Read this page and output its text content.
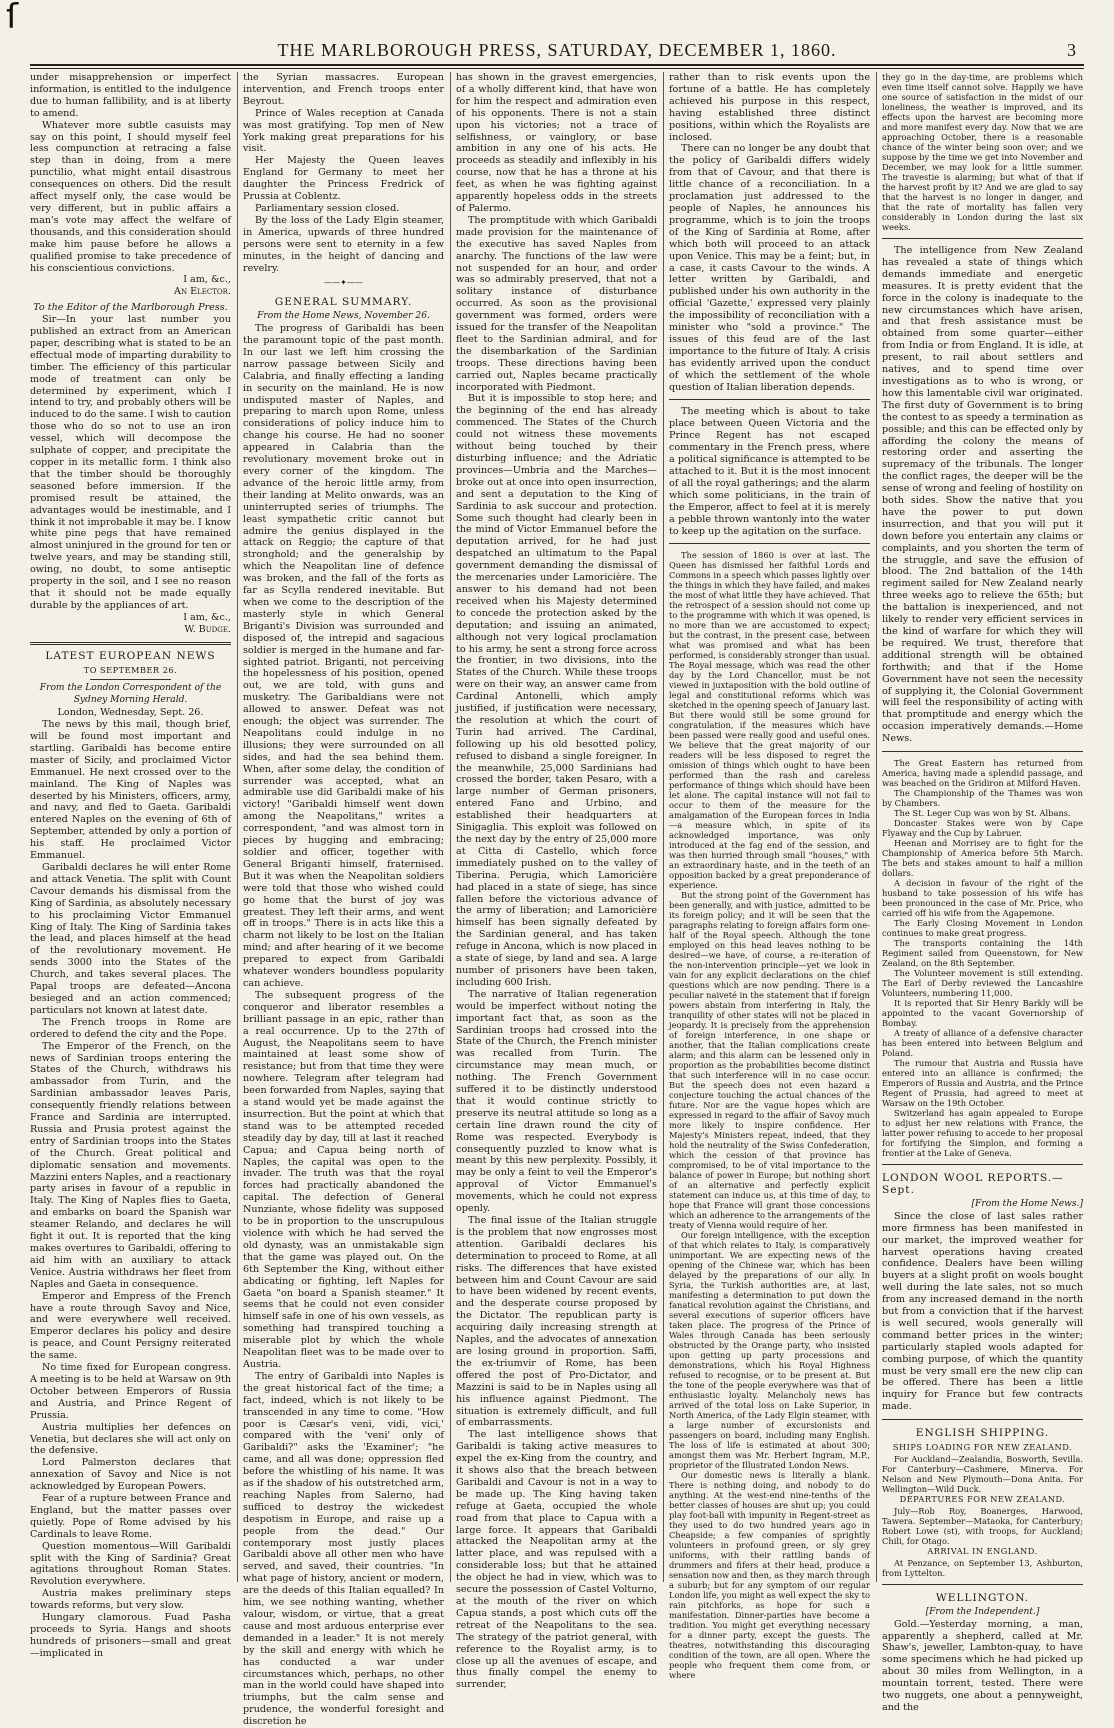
ſ
THE MARLBOROUGH PRESS, SATURDAY, DECEMBER 1, 1860.	3

under misapprehension or imperfect information, is entitled to the indulgence due to human fallibility, and is at liberty to amend.

Whatever more subtle casuists may say on this point, I should myself feel less compunction at retracing a false step than in doing, from a mere punctilio, what might entail disastrous consequences on others. Did the result affect myself only, the case would be very different, but in public affairs a man's vote may affect the welfare of thousands, and this consideration should make him pause before he allows a qualified promise to take precedence of his conscientious convictions.

I am, &c.,

An Elector.

To the Editor of the Marlborough Press.

Sir—In your last number you published an extract from an American paper, describing what is stated to be an effectual mode of imparting durability to timber. The efficiency of this particular mode of treatment can only be determined by experiment, which I intend to try, and probably others will be induced to do the same. I wish to caution those who do so not to use an iron vessel, which will decompose the sulphate of copper, and precipitate the copper in its metallic form. I think also that the timber should be thoroughly seasoned before immersion. If the promised result be attained, the advantages would be inestimable, and I think it not improbable it may be. I know white pine pegs that have remained almost uninjured in the ground for ten or twelve years, and may be standing still, owing, no doubt, to some antiseptic property in the soil, and I see no reason that it should not be made equally durable by the appliances of art.

I am, &c.,

W. Budge.

LATEST EUROPEAN NEWS
TO SEPTEMBER 26.
From the London Correspondent of the Sydney Morning Herald.

London, Wednesday, Sept. 26.

The news by this mail, though brief, will be found most important and startling. Garibaldi has become entire master of Sicily, and proclaimed Victor Emmanuel. He next crossed over to the mainland. The King of Naples was deserted by his Ministers, officers, army, and navy, and fled to Gaeta. Garibaldi entered Naples on the evening of 6th of September, attended by only a portion of his staff. He proclaimed Victor Emmanuel.

Garibaldi declares he will enter Rome and attack Venetia. The split with Count Cavour demands his dismissal from the King of Sardinia, as absolutely necessary to his proclaiming Victor Emmanuel King of Italy. The King of Sardinia takes the lead, and places himself at the head of the revolutionary movement. He sends 3000 into the States of the Church, and takes several places. The Papal troops are defeated—Ancona besieged and an action commenced; particulars not known at latest date.

The French troops in Rome are ordered to defend the city and the Pope.

The Emperor of the French, on the news of Sardinian troops entering the States of the Church, withdraws his ambassador from Turin, and the Sardinian ambassador leaves Paris, consequently friendly relations between France and Sardinia are interrupted. Russia and Prusia protest against the entry of Sardinian troops into the States of the Church. Great political and diplomatic sensation and movements. Mazzini enters Naples, and a reactionary party arises in favour of a republic in Italy. The King of Naples flies to Gaeta, and embarks on board the Spanish war steamer Relando, and declares he will fight it out. It is reported that the king makes overtures to Garibaldi, offering to aid him with an auxiliary to attack Venice. Austria withdraws her fleet from Naples and Gaeta in consequence.

Emperor and Empress of the French have a route through Savoy and Nice, and were everywhere well received. Emperor declares his policy and desire is peace, and Count Persigny reiterated the same.

No time fixed for European congress. A meeting is to be held at Warsaw on 9th October between Emperors of Russia and Austria, and Prince Regent of Prussia.

Austria multiplies her defences on Venetia, but declares she will act only on the defensive.

Lord Palmerston declares that annexation of Savoy and Nice is not acknowledged by European Powers.

Fear of a rupture between France and England, but the matter passes over quietly. Pope of Rome advised by his Cardinals to leave Rome.

Question momentous—Will Garibaldi split with the King of Sardinia? Great agitations throughout Roman States. Revolution everywhere.

Austria makes preliminary steps towards reforms, but very slow.

Hungary clamorous. Fuad Pasha proceeds to Syria. Hangs and shoots hundreds of prisoners—small and great—implicated in

the Syrian massacres. European intervention, and French troops enter Beyrout.

Prince of Wales reception at Canada was most gratifying. Top men of New York making great preparations for his visit.

Her Majesty the Queen leaves England for Germany to meet her daughter the Princess Fredrick of Prussia at Coblentz.

Parliamentary session closed.

By the loss of the Lady Elgin steamer, in America, upwards of three hundred persons were sent to eternity in a few minutes, in the height of dancing and revelry.

——✦——
GENERAL SUMMARY.
From the Home News, November 26.

The progress of Garibaldi has been the paramount topic of the past month. In our last we left him crossing the narrow passage between Sicily and Calabria, and finally effecting a landing in security on the mainland. He is now undisputed master of Naples, and preparing to march upon Rome, unless considerations of policy induce him to change his course. He had no sooner appeared in Calabria than the revolutionary movement broke out in every corner of the kingdom. The advance of the heroic little army, from their landing at Melito onwards, was an uninterrupted series of triumphs. The least sympathetic critic cannot but admire the genius displayed in the attack on Reggio; the capture of that stronghold; and the generalship by which the Neapolitan line of defence was broken, and the fall of the forts as far as Scylla rendered inevitable. But when we come to the description of the masterly style in which General Briganti's Division was surrounded and disposed of, the intrepid and sagacious soldier is merged in the humane and far-sighted patriot. Briganti, not perceiving the hopelessness of his position, opened out, we are told, with guns and musketry. The Garibaldians were not allowed to answer. Defeat was not enough; the object was surrender. The Neapolitans could indulge in no illusions; they were surrounded on all sides, and had the sea behind them. When, after some delay, the condition of surrender was accepted, what an admirable use did Garibaldi make of his victory! "Garibaldi himself went down among the Neapolitans," writes a correspondent, "and was almost torn in pieces by hugging and embracing; soldier and officer, together with General Briganti himself, fraternised. But it was when the Neapolitan soldiers were told that those who wished could go home that the burst of joy was greatest. They left their arms, and went off in troops." There is in acts like this a charm not likely to be lost on the Italian mind; and after hearing of it we become prepared to expect from Garibaldi whatever wonders boundless popularity can achieve.

The subsequent progress of the conqueror and liberator resembles a brilliant passage in an epic, rather than a real occurrence. Up to the 27th of August, the Neapolitans seem to have maintained at least some show of resistance; but from that time they were nowhere. Telegram after telegram had been forwarded from Naples, saying that a stand would yet be made against the insurrection. But the point at which that stand was to be attempted receded steadily day by day, till at last it reached Capua; and Capua being north of Naples, the capital was open to the invader. The truth was that the royal forces had practically abandoned the capital. The defection of General Nunziante, whose fidelity was supposed to be in proportion to the unscrupulous violence with which he had served the old dynasty, was an unmistakable sign that the game was played out. On the 6th September the King, without either abdicating or fighting, left Naples for Gaeta "on board a Spanish steamer." It seems that he could not even consider himself safe in one of his own vessels, as something had transpired touching a miserable plot by which the whole Neapolitan fleet was to be made over to Austria.

The entry of Garibaldi into Naples is the great historical fact of the time; a fact, indeed, which is not likely to be transcended in any time to come. "How poor is Cæsar's veni, vidi, vici,' compared with the 'veni' only of Garibaldi?" asks the 'Examiner'; "he came, and all was done; oppression fled before the whistling of his name. It was as if the shadow of his outstretched arm, reaching Naples from Salerno, had sufficed to destroy the wickedest despotism in Europe, and raise up a people from the dead." Our contemporary most justly places Garibaldi above all other men who have served, and saved, their countries. "In what page of history, ancient or modern, are the deeds of this Italian equalled? In him, we see nothing wanting, whether valour, wisdom, or virtue, that a great cause and most arduous enterprise ever demanded in a leader." It is not merely by the skill and energy with which he has conducted a war under circumstances which, perhaps, no other man in the world could have shaped into triumphs, but the calm sense and prudence, the wonderful foresight and discretion he

has shown in the gravest emergencies, of a wholly different kind, that have won for him the respect and admiration even of his opponents. There is not a stain upon his victories; not a trace of selfishness, or vainglory, or base ambition in any one of his acts. He proceeds as steadily and inflexibly in his course, now that he has a throne at his feet, as when he was fighting against apparently hopeless odds in the streets of Palermo.

The promptitude with which Garibaldi made provision for the maintenance of the executive has saved Naples from anarchy. The functions of the law were not suspended for an hour, and order was so admirably preserved, that not a solitary instance of disturbance occurred. As soon as the provisional government was formed, orders were issued for the transfer of the Neapolitan fleet to the Sardinian admiral, and for the disembarkation of the Sardinian troops. These directions having been carried out, Naples became practically incorporated with Piedmont.

But it is impossible to stop here; and the beginning of the end has already commenced. The States of the Church could not witness these movements without being touched by their disturbing influence; and the Adriatic provinces—Umbria and the Marches—broke out at once into open insurrection, and sent a deputation to the King of Sardinia to ask succour and protection. Some such thought had clearly been in the mind of Victor Emmanuel before the deputation arrived, for he had just despatched an ultimatum to the Papal government demanding the dismissal of the mercenaries under Lamoricière. The answer to his demand had not been received when his Majesty determined to concede the protection asked by the deputation; and issuing an animated, although not very logical proclamation to his army, he sent a strong force across the frontier, in two divisions, into the States of the Church. While these troops were on their way, an answer came from Cardinal Antonelli, which amply justified, if justification were necessary, the resolution at which the court of Turin had arrived. The Cardinal, following up his old besotted policy, refused to disband a single foreigner. In the meanwhile, 25,000 Sardinians had crossed the border, taken Pesaro, with a large number of German prisoners, entered Fano and Urbino, and established their headquarters at Sinigaglia. This exploit was followed on the next day by the entry of 25,000 more at Citta di Castello, which force immediately pushed on to the valley of Tiberina. Perugia, which Lamoricière had placed in a state of siege, has since fallen before the victorious advance of the army of liberation; and Lamoricière himself has been signally defeated by the Sardinian general, and has taken refuge in Ancona, which is now placed in a state of siege, by land and sea. A large number of prisoners have been taken, including 600 Irish.

The narrative of Italian regeneration would be imperfect without noting the important fact that, as soon as the Sardinian troops had crossed into the State of the Church, the French minister was recalled from Turin. The circumstance may mean much, or nothing. The French Government suffered it to be distinctly understood that it would continue strictly to preserve its neutral attitude so long as a certain line drawn round the city of Rome was respected. Everybody is consequently puzzled to know what is meant by this new perplexity. Possibly, it may be only a feint to veil the Emperor's approval of Victor Emmanuel's movements, which he could not express openly.

The final issue of the Italian struggle is the problem that now engrosses most attention. Garibaldi declares his determination to proceed to Rome, at all risks. The differences that have existed between him and Count Cavour are said to have been widened by recent events, and the desperate course proposed by the Dictator. The republican party is acquiring daily increasing strength at Naples, and the advocates of annexation are losing ground in proportion. Saffi, the ex-triumvir of Rome, has been offered the post of Pro-Dictator, and Mazzini is said to be in Naples using all his influence against Piedmont. The situation is extremely difficult, and full of embarrassments.

The last intelligence shows that Garibaldi is taking active measures to expel the ex-King from the country, and it shows also that the breach between Garibaldi and Cavour is not in a way to be made up. The King having taken refuge at Gaeta, occupied the whole road from that place to Capua with a large force. It appears that Garibaldi attacked the Neapolitan army at the latter place, and was repulsed with a considerable loss; but that he attained the object he had in view, which was to secure the possession of Castel Volturno, at the mouth of the river on which Capua stands, a post which cuts off the retreat of the Neapolitans to the sea. The strategy of the patriot general, with reference to the Royalist army, is to close up all the avenues of escape, and thus finally compel the enemy to surrender,

rather than to risk events upon the fortune of a battle. He has completely achieved his purpose in this respect, having established three distinct positions, within which the Royalists are inclosed.

There can no longer be any doubt that the policy of Garibaldi differs widely from that of Cavour, and that there is little chance of a reconciliation. In a proclamation just addressed to the people of Naples, he announces his programme, which is to join the troops of the King of Sardinia at Rome, after which both will proceed to an attack upon Venice. This may be a feint; but, in a case, it casts Cavour to the winds. A letter written by Garibaldi, and published under his own authority in the official 'Gazette,' expressed very plainly the impossibility of reconciliation with a minister who "sold a province." The issues of this feud are of the last importance to the future of Italy. A crisis has evidently arrived upon the conduct of which the settlement of the whole question of Italian liberation depends.

The meeting which is about to take place between Queen Victoria and the Prince Regent has not escaped commentary in the French press, where a political significance is attempted to be attached to it. But it is the most innocent of all the royal gatherings; and the alarm which some politicians, in the train of the Emperor, affect to feel at it is merely a pebble thrown wantonly into the water to keep up the agitation on the surface.

The session of 1860 is over at last. The Queen has dismissed her faithful Lords and Commons in a speech which passes lightly over the things in which they have failed, and makes the most of what little they have achieved. That the retrospect of a session should not come up to the programme with which it was opened, is no more than we are accustomed to expect; but the contrast, in the present case, between what was promised and what has been performed, is considerably stronger than usual. The Royal message, which was read the other day by the Lord Chancellor, must be not viewed in juxtaposition with the bold outline of legal and constitutional reforms which was sketched in the opening speech of January last. But there would still be some ground for congratulation, if the measures which have been passed were really good and useful ones. We believe that the great majority of our readers will be less disposed to regret the omission of things which ought to have been performed than the rash and careless performance of things which should have been let alone. The capital instance will not fail to occur to them of the measure for the amalgamation of the European forces in India—a measure which, in spite of its acknowledged importance, was only introduced at the fag end of the session, and was then hurried through small "houses," with an extraordinary haste, and in the teeth of an opposition backed by a great preponderance of experience.

But the strong point of the Government has been generally, and with justice, admitted to be its foreign policy; and it will be seen that the paragraphs relating to foreign affairs form one-half of the Royal speech. Although the tone employed on this head leaves nothing to be desired—we have, of course, a re-iteration of the non-intervention principle—yet we look in vain for any explicit declarations on the chief questions which are now pending. There is a peculiar naiveté in the statement that if foreign powers abstain from interfering in Italy, the tranquility of other states will not be placed in jeopardy. It is precisely from the apprehension of foreign interference, in one shape or another, that the Italian complications create alarm; and this alarm can be lessened only in proportion as the probabilities become distinct that such interference will in no case occur. But the speech does not even hazard a conjecture touching the actual chances of the future. Nor are the vague hopes which are expressed in regard to the affair of Savoy much more likely to inspire confidence. Her Majesty's Ministers repeat, indeed, that they hold the neutrality of the Swiss Confederation, which the cession of that province has compromised, to be of vital importance to the balance of power in Europe; but nothing short of an alternative and perfectly explicit statement can induce us, at this time of day, to hope that France will grant those concessions which an adherence to the arrangements of the treaty of Vienna would require of her.

Our foreign intelligence, with the exception of that which relates to Italy, is comparatively unimportant. We are expecting news of the opening of the Chinese war, which has been delayed by the preparations of our ally. In Syria, the Turkish authorities are, at last, manifesting a determination to put down the fanatical revolution against the Christians, and several executions of superior officers have taken place. The progress of the Prince of Wales through Canada has been seriously obstructed by the Orange party, who insisted upon getting up party processions and demonstrations, which his Royal Highness refused to recognise, or to be present at. But the tone of the people everywhere was that of enthusiastic loyalty. Melancholy news has arrived of the total loss on Lake Superior, in North America, of the Lady Elgin steamer, with a large number of excursionists and passengers on board, including many English. The loss of life is estimated at about 300; amongst them was Mr. Herbert Ingram, M.P., proprietor of the Illustrated London News.

Our domestic news is literally a blank. There is nothing doing, and nobody to do anything. At the west-end nine-tenths of the better classes of houses are shut up; you could play foot-ball with impunity in Regent-street as they used to do two hundred years ago in Cheapside; a few companies of sprightly volunteers in profound green, or sly grey uniforms, with their rattling bands of drummers and fifers at their head, produce a sensation now and then, as they march through a suburb; but for any symptom of our regular London life, you might as well expect the sky to rain pitchforks, as hope for such a manifestation. Dinner-parties have become a tradition. You might get everything necessary for a dinner party, except the guests. The theatres, notwithstanding this discouraging condition of the town, are all open. Where the people who frequent them come from, or where

they go in the day-time, are problems which even time itself cannot solve. Happily we have one source of satisfaction in the midst of our loneliness, the weather is improved, and its effects upon the harvest are becoming more and more manifest every day. Now that we are approaching October, there is a reasonable chance of the winter being soon over; and we suppose by the time we get into November and December, we may look for a little summer. The travestie is alarming; but what of that if the harvest profit by it? And we are glad to say that the harvest is no longer in danger, and that the rate of mortality has fallen very considerably in London during the last six weeks.

The intelligence from New Zealand has revealed a state of things which demands immediate and energetic measures. It is pretty evident that the force in the colony is inadequate to the new circumstances which have arisen, and that fresh assistance must be obtained from some quarter—either from India or from England. It is idle, at present, to rail about settlers and natives, and to spend time over investigations as to who is wrong, or how this lamentable civil war originated. The first duty of Government is to bring the contest to as speedy a termination as possible; and this can be effected only by affording the colony the means of restoring order and asserting the supremacy of the tribunals. The longer the conflict rages, the deeper will be the sense of wrong and feeling of hostility on both sides. Show the native that you have the power to put down insurrection, and that you will put it down before you entertain any claims or complaints, and you shorten the term of the struggle, and save the effusion of blood. The 2nd battalion of the 14th regiment sailed for New Zealand nearly three weeks ago to relieve the 65th; but the battalion is inexperienced, and not likely to render very efficient services in the kind of warfare for which they will be required. We trust, therefore that additional strength will be obtained forthwith; and that if the Home Government have not seen the necessity of supplying it, the Colonial Government will feel the responsibility of acting with that promptitude and energy which the occasion imperatively demands.—Home News.

The Great Eastern has returned from America, having made a splendid passage, and was beached on the Gridiron at Milford Haven.

The Championship of the Thames was won by Chambers.

The St. Leger Cup was won by St. Albans.

Doncaster Stakes were won by Cape Flyaway and the Cup by Labruer.

Heenan and Morrisey are to fight for the Championship of America before 5th March. The bets and stakes amount to half a million dollars.

A decision in favour of the right of the husband to take possession of his wife has been pronounced in the case of Mr. Price, who carried off his wife from the Agapemone.

The Early Closing Movement in London continues to make great progress.

The transports containing the 14th Regiment sailed from Queenstown, for New Zealand, on the 8th September.

The Volunteer movement is still extending. The Earl of Derby reviewed the Lancashire Volunteers, numbering 11,000.

It is reported that Sir Henry Barkly will be appointed to the vacant Governorship of Bombay.

A treaty of alliance of a defensive character has been entered into between Belgium and Poland.

The rumour that Austria and Russia have entered into an alliance is confirmed; the Emperors of Russia and Austria, and the Prince Regent of Prussia, had agreed to meet at Warsaw on the 19th October.

Switzerland has again appealed to Europe to adjust her new relations with France, the latter power refusing to accede to her proposal for fortifying the Simplon, and forming a frontier at the Lake of Geneva.

LONDON WOOL REPORTS.—Sept.
[From the Home News.]

Since the close of last sales rather more firmness has been manifested in our market, the improved weather for harvest operations having created confidence. Dealers have been willing buyers at a slight profit on wools bought well during the late sales, not so much from any increased demand in the north but from a conviction that if the harvest is well secured, wools generally will command better prices in the winter; particularly stapled wools adapted for combing purpose, of which the quantity must be very small ere the new clip can be offered. There has been a little inquiry for France but few contracts made.

ENGLISH SHIPPING.
SHIPS LOADING FOR NEW ZEALAND.

For Auckland—Zealandia, Bosworth, Sevilla. For Canterbury—Cashmere, Minerva. For Nelson and New Plymouth—Dona Anita. For Wellington—Wild Duck.

DEPARTURES FOR NEW ZEALAND.

July—Rob Roy, Boanerges, Harwood, Tawera. September—Mataoka, for Canterbury; Robert Lowe (st), with troops, for Auckland; Chili, for Otago.

ARRIVAL IN ENGLAND.

At Penzance, on September 13, Ashburton, from Lyttelton.

WELLINGTON.
[From the Independent.]

Gold.—Yesterday morning, a man, apparently a shepherd, called at Mr. Shaw's, jeweller, Lambton-quay, to have some specimens which he had picked up about 30 miles from Wellington, in a mountain torrent, tested. There were two nuggets, one about a pennyweight, and the
